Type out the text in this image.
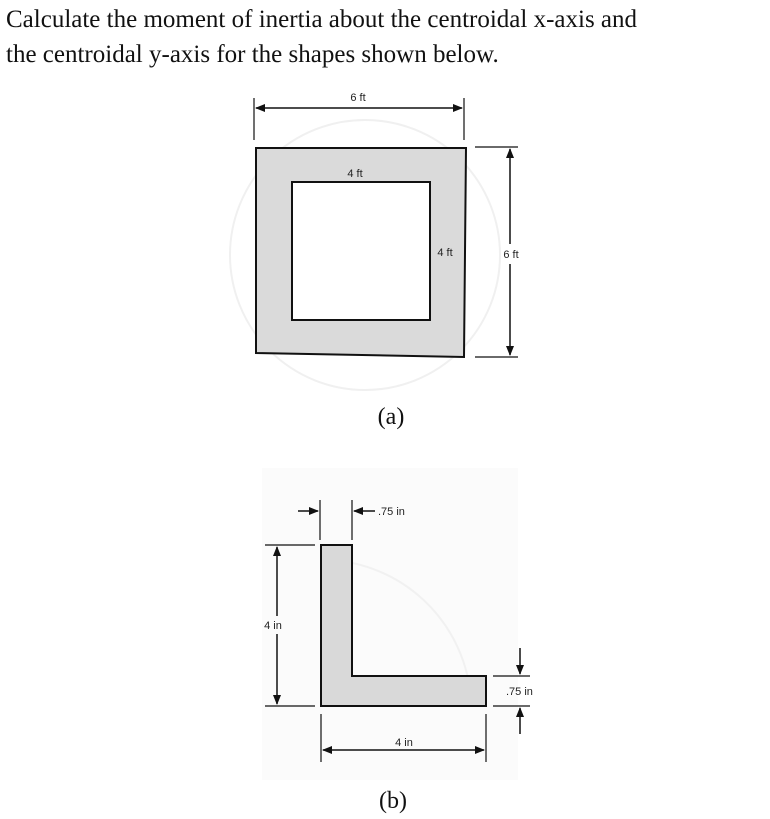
Calculate the moment of inertia about the centroidal x-axis and
the centroidal y-axis for the shapes shown below.
6 ft
4 ft
4 ft	6 ft
(a)
.75 in
4 in
.75 in
4 in
(b)
